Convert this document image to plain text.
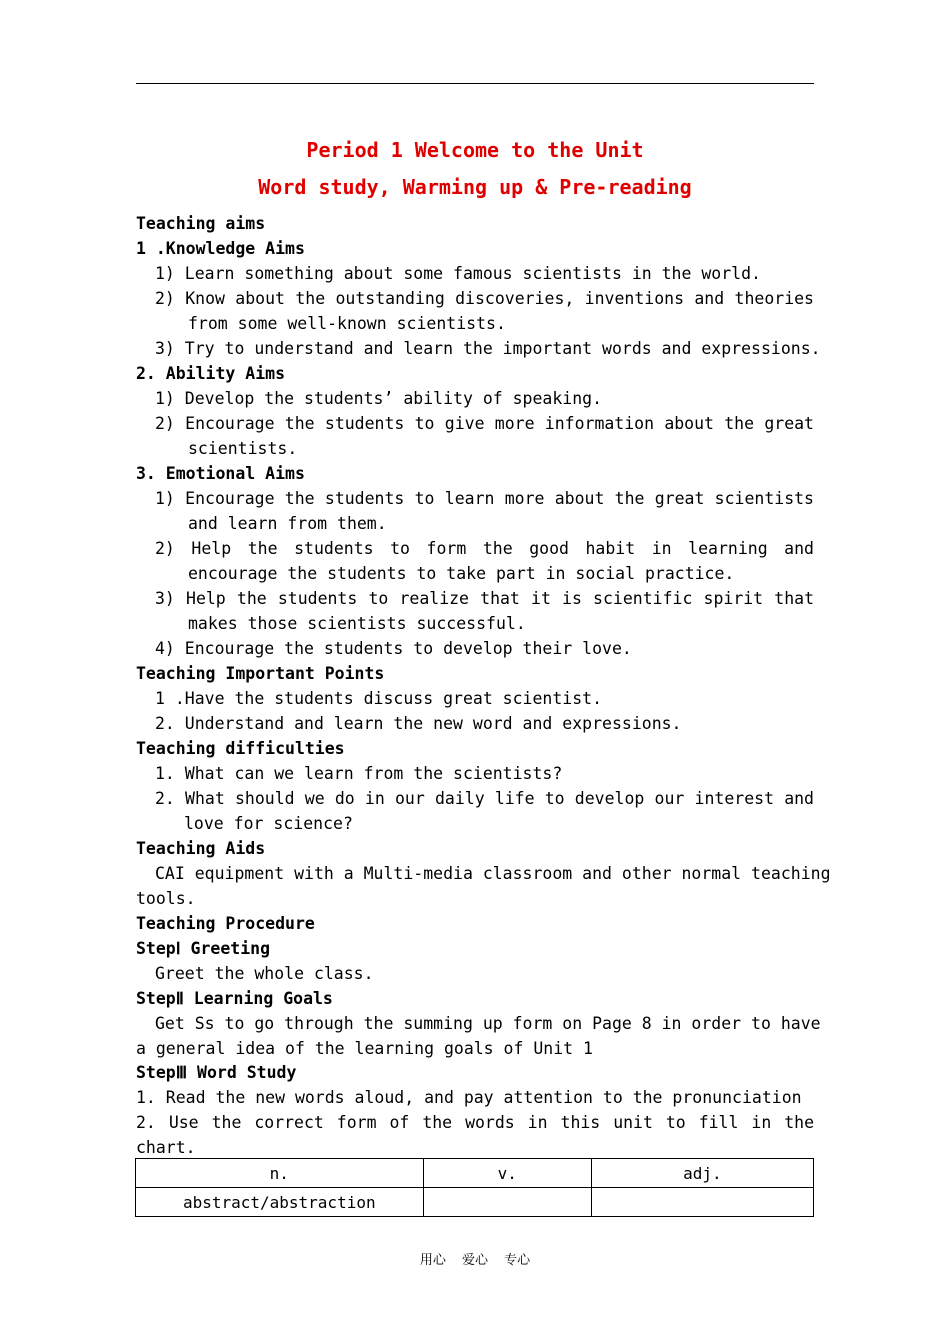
Period 1 Welcome to the Unit
Word study, Warming up & Pre-reading
Teaching aims
1 .Knowledge Aims
1) Learn something about some famous scientists in the world.
2) Know about the outstanding discoveries, inventions and theories
from some well-known scientists.
3) Try to understand and learn the important words and expressions.
2. Ability Aims
1) Develop the students’ ability of speaking.
2) Encourage the students to give more information about the great
scientists.
3. Emotional Aims
1) Encourage the students to learn more about the great scientists
and learn from them.
2) Help the students to form the good habit in learning and
encourage the students to take part in social practice.
3) Help the students to realize that it is scientific spirit that
makes those scientists successful.
4) Encourage the students to develop their love.
Teaching Important Points
1 .Have the students discuss great scientist.
2. Understand and learn the new word and expressions.
Teaching difficulties
1. What can we learn from the scientists?
2. What should we do in our daily life to develop our interest and
love for science?
Teaching Aids
CAI equipment with a Multi-media classroom and other normal teaching
tools.
Teaching Procedure
StepⅠ Greeting
Greet the whole class.
StepⅡ Learning Goals
Get Ss to go through the summing up form on Page 8 in order to have
a general idea of the learning goals of Unit 1
StepⅢ Word Study
1. Read the new words aloud, and pay attention to the pronunciation
2. Use the correct form of the words in this unit to fill in the
chart.
n.	v.	adj.
abstract/abstraction		
用心 爱心 专心
